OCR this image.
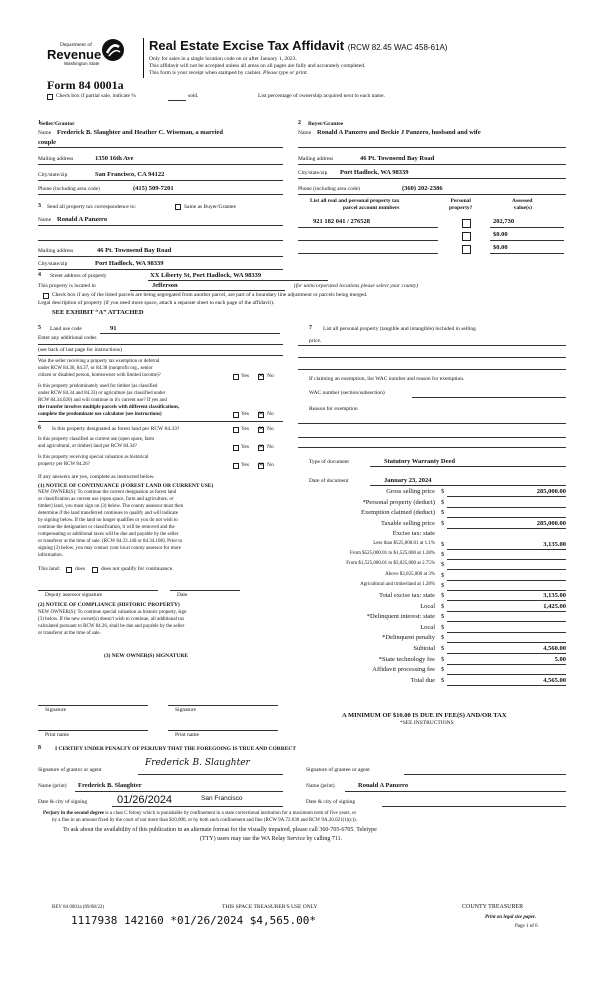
Department of
Revenue
Washington State
Real Estate Excise Tax Affidavit (RCW 82.45 WAC 458-61A)
Only for sales in a single location code on or after January 1, 2023.
This affidavit will not be accepted unless all areas on all pages are fully and accurately completed.
This form is your receipt when stamped by cashier. Please type or print.
Form 84 0001a
Check box if partial sale, indicate %	sold.	List percentage of ownership acquired next to each name.
1 Seller/Grantor
Name Frederick B. Slaughter and Heather C. Wiseman, a married
couple
Mailing address	1350 16th Ave
City/state/zip	San Francisco, CA 94122
Phone (including area code)	(415) 509-7201
2 Buyer/Grantee
Name Ronald A Panzero and Beckie J Panzero, husband and wife
Mailing address	46 Pt. Townsend Bay Road
City/state/zip Port Hadlock, WA 98339
Phone (including area code)	(360) 202-2386
3 Send all property tax correspondence to:	Same as Buyer/Grantee
Name Ronald A Panzero
Mailing address	46 Pt. Townsend Bay Road
City/state/zip	Port Hadlock, WA 98339
List all real and personal property tax
parcel account numbers
Personal
property?
Assessed
value(s)
921 182 041 / 276528	202,730
$0.00
$0.00
4 Street address of property	XX Liberty St, Port Hadlock, WA 98339
This property is located in	Jefferson	(for unincorporated locations please select your county)
Check box if any of the listed parcels are being segregated from another parcel, are part of a boundary line adjustment or parcels being merged.
Legal description of property (if you need more space, attach a separate sheet to each page of the affidavit).
SEE EXHIBIT “A” ATTACHED
5 Land use code	91
Enter any additional codes
(see back of last page for instructions)
Was the seller receiving a property tax exemption or deferral
under RCW 84.36, 84.37, or 84.38 (nonprofit org., senior
citizen or disabled person, homeowner with limited income)?	Yes ✕	No
Is this property predominately used for timber (as classified
under RCW 84.34 and 84.33) or agriculture (as classified under
RCW 84.34.020) and will continue in it's current use? If yes and
the transfer involves multiple parcels with different classifications,
complete the predominate use calculator (see instructions)	Yes ✕	No
6 Is this property designated as forest land per RCW 84.33?	Yes ✕	No
Is this property classified as current use (open space, farm
and agricultural, or timber) land per RCW 84.34?	Yes ✕	No
Is this property receiving special valuation as historical
property per RCW 84.26?	Yes ✕	No
If any answers are yes, complete as instructed below.
(1) NOTICE OF CONTINUANCE (FOREST LAND OR CURRENT USE)
NEW OWNER(S): To continue the current designation as forest land
or classification as current use (open space, farm and agriculture, or
timber) land, you must sign on (3) below. The county assessor must then
determine if the land transferred continues to qualify and will indicate
by signing below. If the land no longer qualifies or you do not wish to
continue the designation or classification, it will be removed and the
compensating or additional taxes will be due and payable by the seller
or transferor at the time of sale. (RCW 84.33.140 or 84.34.108). Prior to
signing (3) below, you may contact your local county assessor for more
information.
This land:	does	does not qualify for continuance.
Deputy assessor signature	Date
(2) NOTICE OF COMPLIANCE (HISTORIC PROPERTY)
NEW OWNER(S): To continue special valuation as historic property, sign
(3) below. If the new owner(s) doesn't wish to continue, all additional tax
calculated pursuant to RCW 84.26, shall be due and payable by the seller
or transferor at the time of sale.
(3) NEW OWNER(S) SIGNATURE
Signature	Signature
Print name	Print name
7 List all personal property (tangible and intangible) included in selling
price.
If claiming an exemption, list WAC number and reason for exemption.
WAC number (section/subsection)
Reason for exemption
Type of document	Statutory Warranty Deed
Date of document	January 23, 2024
Gross selling price $	285,000.00
*Personal property (deduct) $
Exemption claimed (deduct) $
Taxable selling price $	285,000.00
Excise tax: state
Less than $525,000.01 at 1.1% $	3,135.00
From $525,000.01 to $1,525,000 at 1.28% $
From $1,525,000.01 to $3,025,000 at 2.75% $
Above $3,025,000 at 3% $
Agricultural and timberland at 1.28% $
Total excise tax: state $	3,135.00
Local $	1,425.00
*Delinquent interest: state $
Local $
*Delinquent penalty $
Subtotal $	4,560.00
*State technology fee $	5.00
Affidavit processing fee $
Total due $	4,565.00
A MINIMUM OF $10.00 IS DUE IN FEE(S) AND/OR TAX
*SEE INSTRUCTIONS
8	I CERTIFY UNDER PENALTY OF PERJURY THAT THE FOREGOING IS TRUE AND CORRECT
Signature of grantor or agent
Frederick B. Slaughter
Name (print) Frederick B. Slaughter
Date & city of signing	01/26/2024	San Francisco
Signature of grantee or agent
Name (print)	Ronald A Panzero
Date & city of signing
Perjury in the second degree is a class C felony which is punishable by confinement in a state correctional institution for a maximum term of five years, or
by a fine in an amount fixed by the court of not more than $10,000, or by both such confinement and fine (RCW 9A.72.030 and RCW 9A.20.021(1)(c)).
To ask about the availability of this publication in an alternate format for the visually impaired, please call 360-705-6705. Teletype
(TTY) users may use the WA Relay Service by calling 711.
REV 84 0001a (09/08/22)	THIS SPACE TREASURER'S USE ONLY
1117938 142160 *01/26/2024 $4,565.00*
COUNTY TREASURER
Print on legal size paper.
Page 1 of 6
